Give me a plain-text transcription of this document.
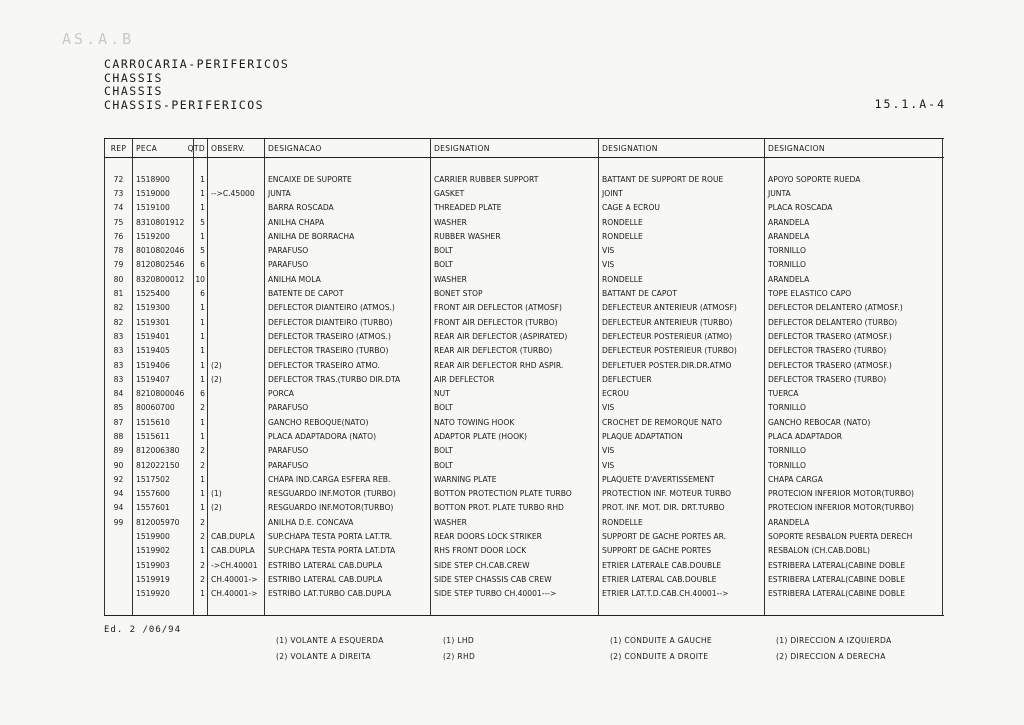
AS.A.B
CARROCARIA-PERIFERICOS
CHASSIS
CHASSIS
CHASSIS-PERIFERICOS	15.1.A-4
REP	PECA	QTD OBSERV.	DESIGNACAO	DESIGNATION	DESIGNATION	DESIGNACION
72	1518900	1	ENCAIXE DE SUPORTE	CARRIER RUBBER SUPPORT	BATTANT DE SUPPORT DE ROUE	APOYO SOPORTE RUEDA
73	1519000	1 -->C.45000	JUNTA	GASKET	JOINT	JUNTA
74	1519100	1	BARRA ROSCADA	THREADED PLATE	CAGE A ECROU	PLACA ROSCADA
75	8310801912	5	ANILHA CHAPA	WASHER	RONDELLE	ARANDELA
76	1519200	1	ANILHA DE BORRACHA	RUBBER WASHER	RONDELLE	ARANDELA
78	8010802046	5	PARAFUSO	BOLT	VIS	TORNILLO
79	8120802546	6	PARAFUSO	BOLT	VIS	TORNILLO
80	8320800012	10	ANILHA MOLA	WASHER	RONDELLE	ARANDELA
81	1525400	6	BATENTE DE CAPOT	BONET STOP	BATTANT DE CAPOT	TOPE ELASTICO CAPO
82	1519300	1	DEFLECTOR DIANTEIRO (ATMOS.)	FRONT AIR DEFLECTOR (ATMOSF)	DEFLECTEUR ANTERIEUR (ATMOSF)	DEFLECTOR DELANTERO (ATMOSF.)
82	1519301	1	DEFLECTOR DIANTEIRO (TURBO)	FRONT AIR DEFLECTOR (TURBO)	DEFLECTEUR ANTERIEUR (TURBO)	DEFLECTOR DELANTERO (TURBO)
83	1519401	1	DEFLECTOR TRASEIRO (ATMOS.)	REAR AIR DEFLECTOR (ASPIRATED)	DEFLECTEUR POSTERIEUR (ATMO)	DEFLECTOR TRASERO (ATMOSF.)
83	1519405	1	DEFLECTOR TRASEIRO (TURBO)	REAR AIR DEFLECTOR (TURBO)	DEFLECTEUR POSTERIEUR (TURBO)	DEFLECTOR TRASERO (TURBO)
83	1519406	1 (2)	DEFLECTOR TRASEIRO ATMO.	REAR AIR DEFLECTOR RHD ASPIR.	DEFLETUER POSTER.DIR.DR.ATMO	DEFLECTOR TRASERO (ATMOSF.)
83	1519407	1 (2)	DEFLECTOR TRAS.(TURBO DIR.DTA	AIR DEFLECTOR	DEFLECTUER	DEFLECTOR TRASERO (TURBO)
84	8210800046	6	PORCA	NUT	ECROU	TUERCA
85	80060700	2	PARAFUSO	BOLT	VIS	TORNILLO
87	1515610	1	GANCHO REBOQUE(NATO)	NATO TOWING HOOK	CROCHET DE REMORQUE NATO	GANCHO REBOCAR (NATO)
88	1515611	1	PLACA ADAPTADORA (NATO)	ADAPTOR PLATE (HOOK)	PLAQUE ADAPTATION	PLACA ADAPTADOR
89	812006380	2	PARAFUSO	BOLT	VIS	TORNILLO
90	812022150	2	PARAFUSO	BOLT	VIS	TORNILLO
92	1517502	1	CHAPA IND.CARGA ESFERA REB.	WARNING PLATE	PLAQUETE D'AVERTISSEMENT	CHAPA CARGA
94	1557600	1 (1)	RESGUARDO INF.MOTOR (TURBO)	BOTTON PROTECTION PLATE TURBO	PROTECTION INF. MOTEUR TURBO	PROTECION INFERIOR MOTOR(TURBO)
94	1557601	1 (2)	RESGUARDO INF.MOTOR(TURBO)	BOTTON PROT. PLATE TURBO RHD	PROT. INF. MOT. DIR. DRT.TURBO	PROTECION INFERIOR MOTOR(TURBO)
99	812005970	2	ANILHA D.E. CONCAVA	WASHER	RONDELLE	ARANDELA
1519900	2 CAB.DUPLA	SUP.CHAPA TESTA PORTA LAT.TR.	REAR DOORS LOCK STRIKER	SUPPORT DE GACHE PORTES AR.	SOPORTE RESBALON PUERTA DERECH
1519902	1 CAB.DUPLA	SUP.CHAPA TESTA PORTA LAT.DTA	RHS FRONT DOOR LOCK	SUPPORT DE GACHE PORTES	RESBALON (CH.CAB.DOBL)
1519903	2 ->CH.40001	ESTRIBO LATERAL CAB.DUPLA	SIDE STEP CH.CAB.CREW	ETRIER LATERALE CAB.DOUBLE	ESTRIBERA LATERAL(CABINE DOBLE
1519919	2 CH.40001->	ESTRIBO LATERAL CAB.DUPLA	SIDE STEP CHASSIS CAB CREW	ETRIER LATERAL CAB.DOUBLE	ESTRIBERA LATERAL(CABINE DOBLE
1519920	1 CH.40001->	ESTRIBO LAT.TURBO CAB.DUPLA	SIDE STEP TURBO CH.40001--->	ETRIER LAT.T.D.CAB.CH.40001-->	ESTRIBERA LATERAL(CABINE DOBLE
Ed. 2 /06/94
(1) VOLANTE A ESQUERDA	(1) LHD	(1) CONDUITE A GAUCHE	(1) DIRECCION A IZQUIERDA
(2) VOLANTE A DIREITA	(2) RHD	(2) CONDUITE A DROITE	(2) DIRECCION A DERECHA
